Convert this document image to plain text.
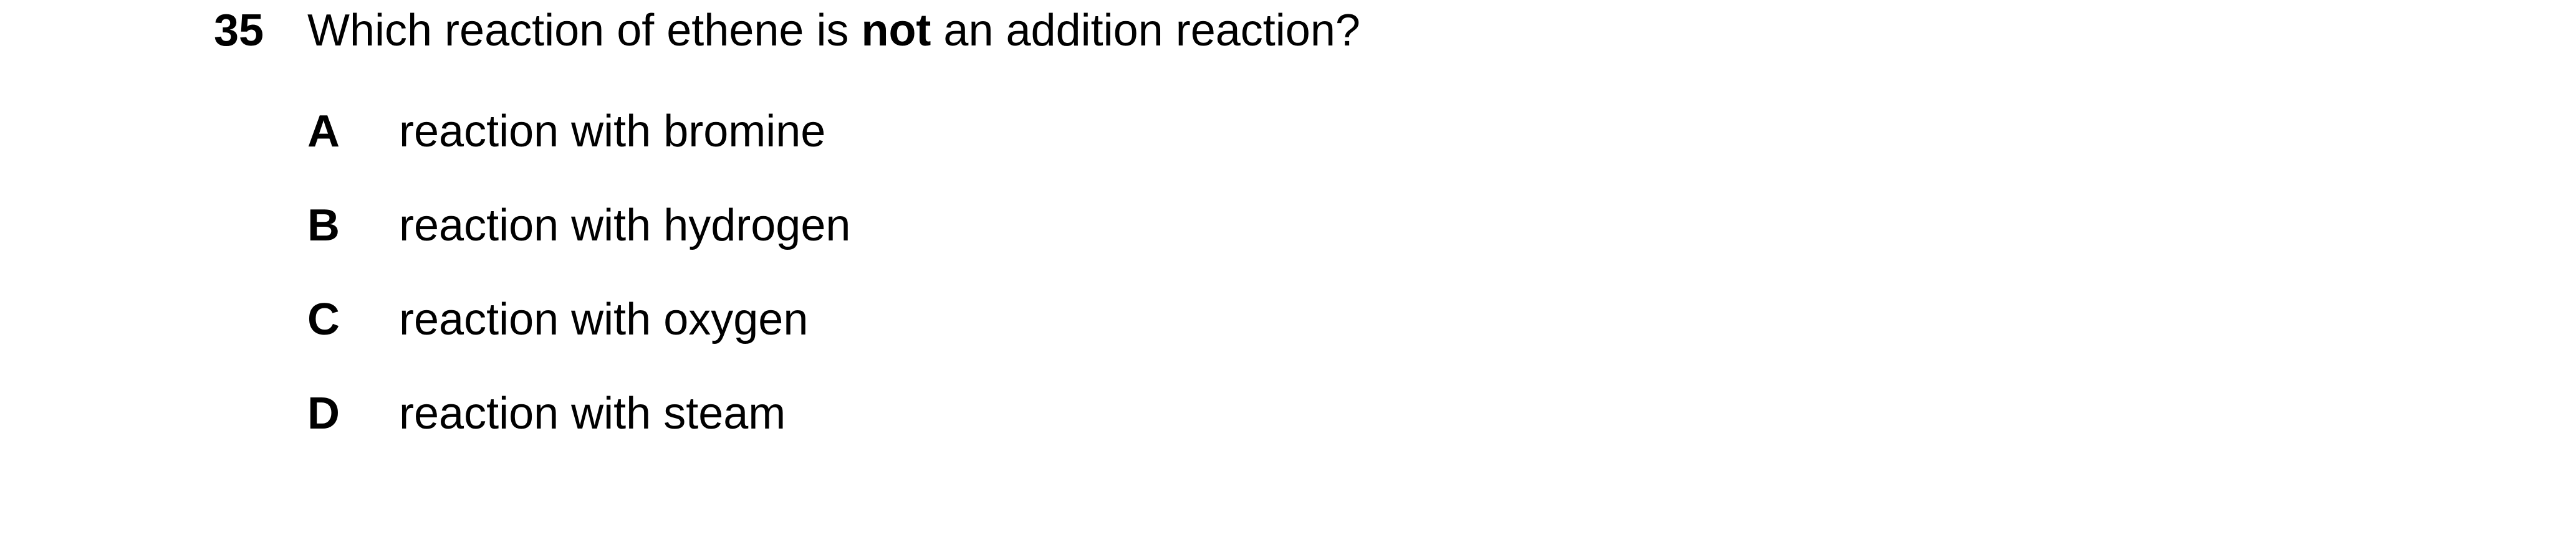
35 Which reaction of ethene is not an addition reaction?
A reaction with bromine
B reaction with hydrogen
C reaction with oxygen
D reaction with steam
